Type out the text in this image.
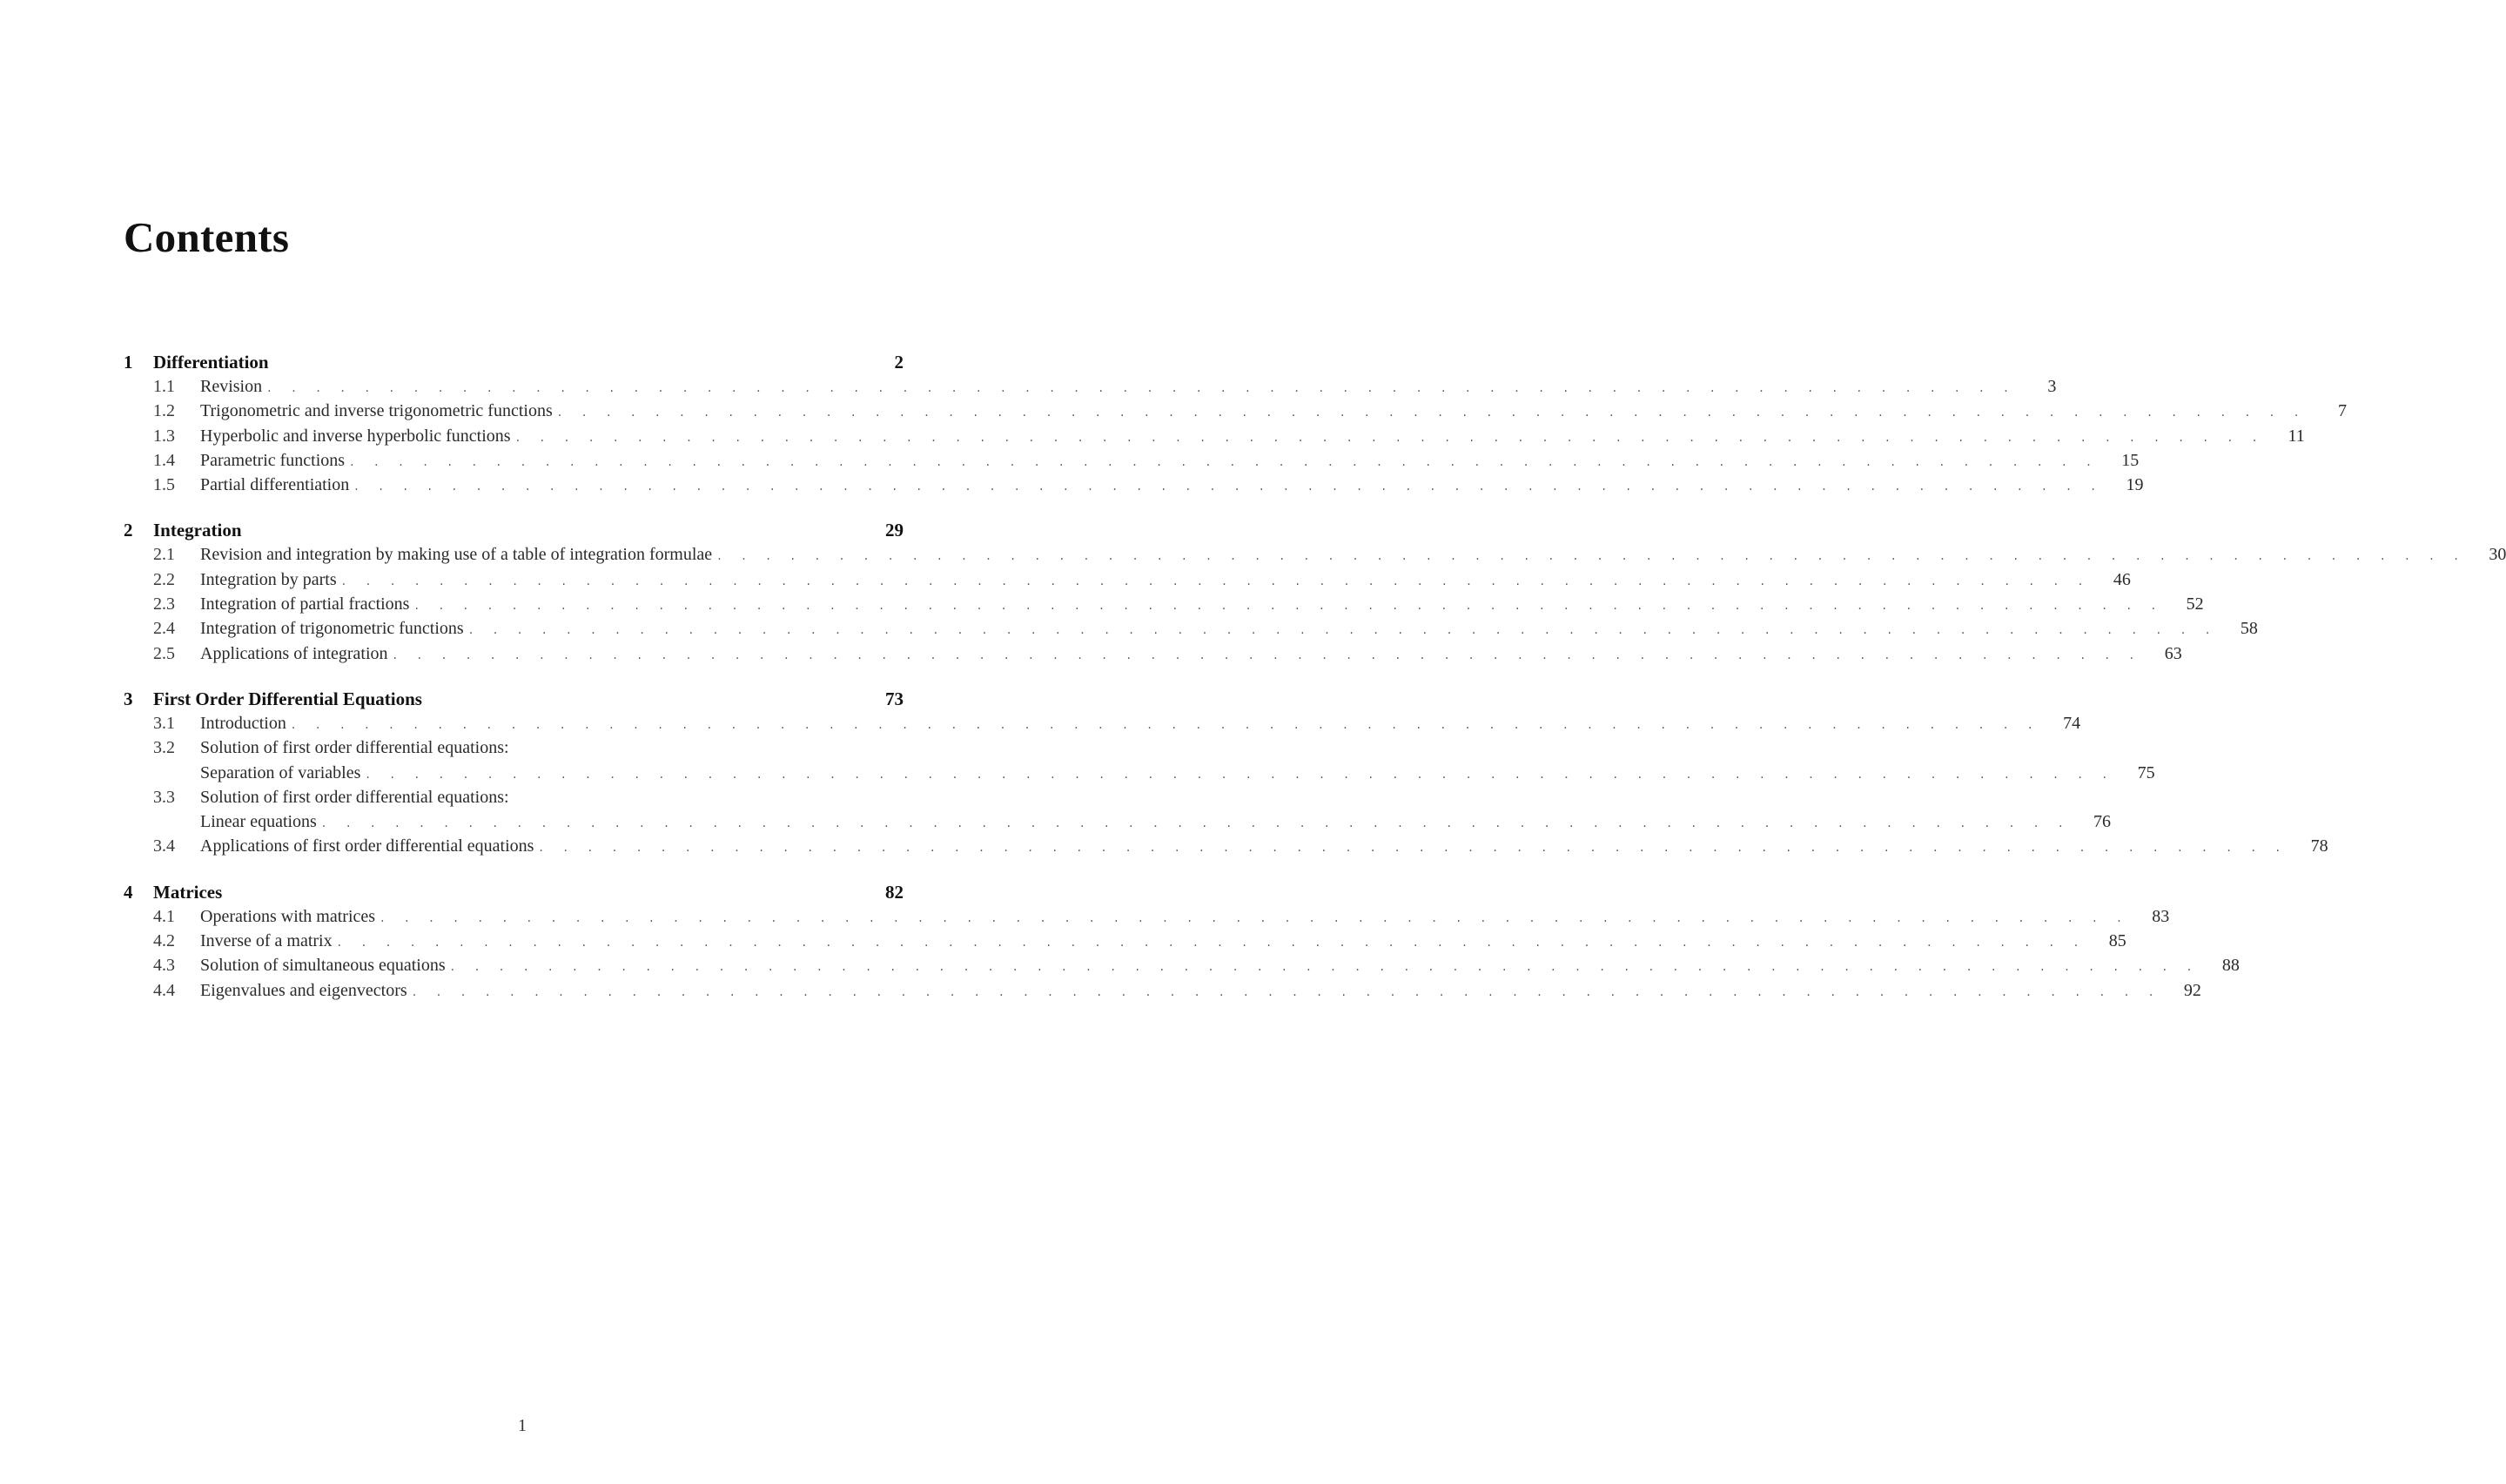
Contents
1	Differentiation	2
1.1	Revision . . . . . . . . . . . . . . . . . . . . . . . . . . . . . . . . . . . . . . . . . . . . . . . . . . . . . . . . . . . . . . . . . . . . . . . .	3
1.2	Trigonometric and inverse trigonometric functions . . . . . . . . . . . . . . . . . . . . . . . . . . . . . . . . . . . . . . . . . . . . . . . . . . . . . . . . . . . . . . . . . . . . . . . .	7
1.3	Hyperbolic and inverse hyperbolic functions . . . . . . . . . . . . . . . . . . . . . . . . . . . . . . . . . . . . . . . . . . . . . . . . . . . . . . . . . . . . . . . . . . . . . . . .	11
1.4	Parametric functions . . . . . . . . . . . . . . . . . . . . . . . . . . . . . . . . . . . . . . . . . . . . . . . . . . . . . . . . . . . . . . . . . . . . . . . .	15
1.5	Partial differentiation . . . . . . . . . . . . . . . . . . . . . . . . . . . . . . . . . . . . . . . . . . . . . . . . . . . . . . . . . . . . . . . . . . . . . . . .	19
2	Integration	29
2.1	Revision and integration by making use of a table of integration formulae . . . . . . . . . . . . . . . . . . . . . . . . . . . . . . . . . . . . . . . . . . . . . . . . . . . . . . . . . . . . . . . . . . . . . . . .	30
2.2	Integration by parts . . . . . . . . . . . . . . . . . . . . . . . . . . . . . . . . . . . . . . . . . . . . . . . . . . . . . . . . . . . . . . . . . . . . . . . .	46
2.3	Integration of partial fractions . . . . . . . . . . . . . . . . . . . . . . . . . . . . . . . . . . . . . . . . . . . . . . . . . . . . . . . . . . . . . . . . . . . . . . . .	52
2.4	Integration of trigonometric functions . . . . . . . . . . . . . . . . . . . . . . . . . . . . . . . . . . . . . . . . . . . . . . . . . . . . . . . . . . . . . . . . . . . . . . . .	58
2.5	Applications of integration . . . . . . . . . . . . . . . . . . . . . . . . . . . . . . . . . . . . . . . . . . . . . . . . . . . . . . . . . . . . . . . . . . . . . . . .	63
3	First Order Differential Equations	73
3.1	Introduction . . . . . . . . . . . . . . . . . . . . . . . . . . . . . . . . . . . . . . . . . . . . . . . . . . . . . . . . . . . . . . . . . . . . . . . .	74
3.2	Solution of first order differential equations:
Separation of variables . . . . . . . . . . . . . . . . . . . . . . . . . . . . . . . . . . . . . . . . . . . . . . . . . . . . . . . . . . . . . . . . . . . . . . . .	75
3.3	Solution of first order differential equations:
Linear equations . . . . . . . . . . . . . . . . . . . . . . . . . . . . . . . . . . . . . . . . . . . . . . . . . . . . . . . . . . . . . . . . . . . . . . . .	76
3.4	Applications of first order differential equations . . . . . . . . . . . . . . . . . . . . . . . . . . . . . . . . . . . . . . . . . . . . . . . . . . . . . . . . . . . . . . . . . . . . . . . .	78
4	Matrices	82
4.1	Operations with matrices . . . . . . . . . . . . . . . . . . . . . . . . . . . . . . . . . . . . . . . . . . . . . . . . . . . . . . . . . . . . . . . . . . . . . . . .	83
4.2	Inverse of a matrix . . . . . . . . . . . . . . . . . . . . . . . . . . . . . . . . . . . . . . . . . . . . . . . . . . . . . . . . . . . . . . . . . . . . . . . .	85
4.3	Solution of simultaneous equations . . . . . . . . . . . . . . . . . . . . . . . . . . . . . . . . . . . . . . . . . . . . . . . . . . . . . . . . . . . . . . . . . . . . . . . .	88
4.4	Eigenvalues and eigenvectors . . . . . . . . . . . . . . . . . . . . . . . . . . . . . . . . . . . . . . . . . . . . . . . . . . . . . . . . . . . . . . . . . . . . . . . .	92
1
